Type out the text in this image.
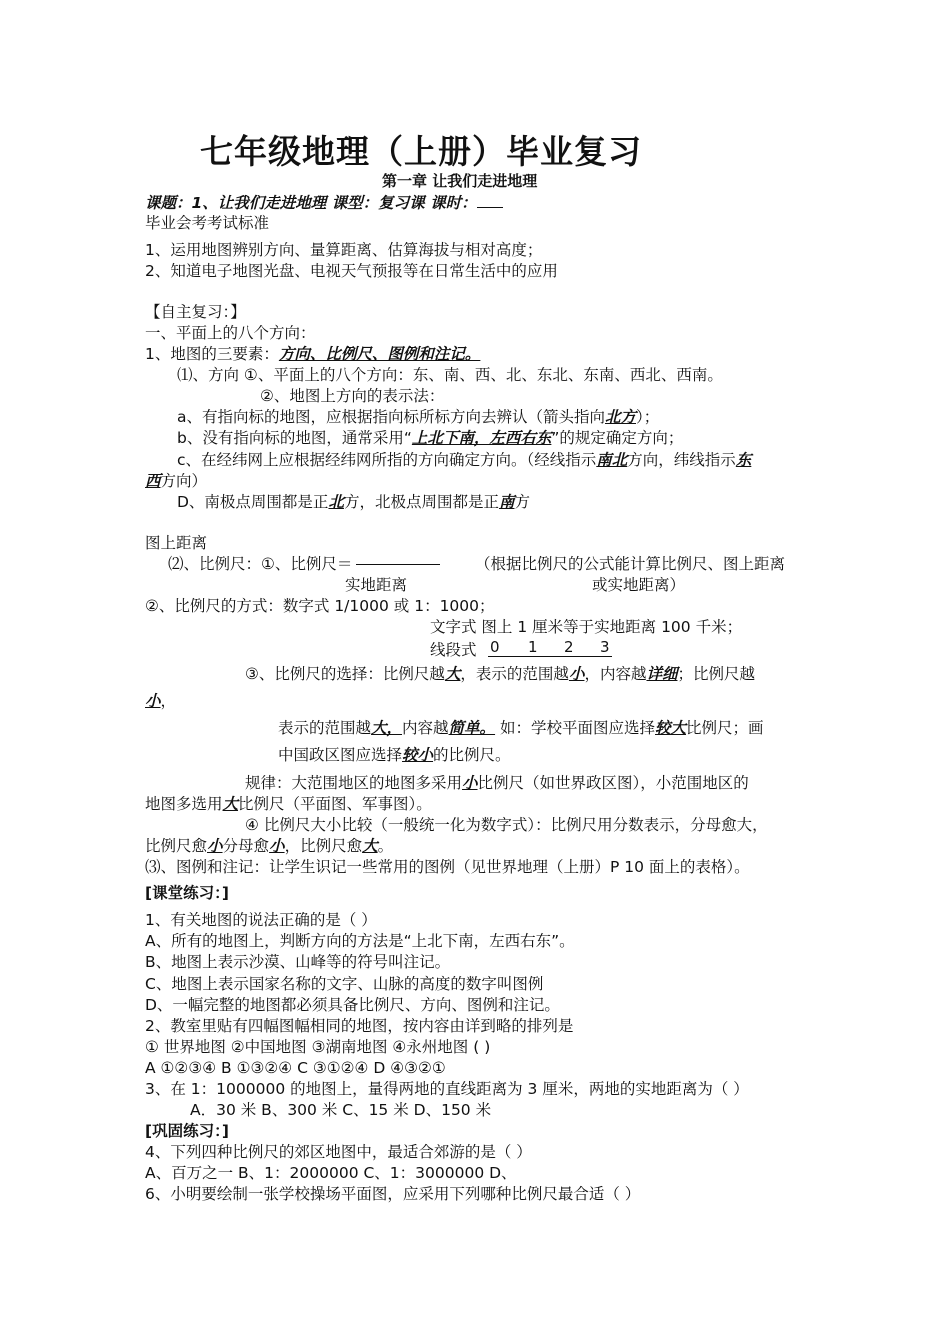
七年级地理（上册）毕业复习
第一章 让我们走进地理
课题：1、让我们走进地理 课型：复习课 课时：
毕业会考考试标准
1、运用地图辨别方向、量算距离、估算海拔与相对高度；
2、知道电子地图光盘、电视天气预报等在日常生活中的应用
【自主复习：】
一、平面上的八个方向：
1、地图的三要素：方向、比例尺、图例和注记。
⑴、方向 ①、平面上的八个方向：东、南、西、北、东北、东南、西北、西南。
②、地图上方向的表示法：
a、有指向标的地图，应根据指向标所标方向去辨认（箭头指向北方）；
b、没有指向标的地图，通常采用“上北下南，左西右东”的规定确定方向；
c、在经纬网上应根据经纬网所指的方向确定方向。（经线指示南北方向，纬线指示东
西方向）
D、南极点周围都是正北方，北极点周围都是正南方
图上距离
⑵、比例尺：①、比例尺＝	（根据比例尺的公式能计算比例尺、图上距离
实地距离	或实地距离）
②、比例尺的方式：数字式 1/1000 或 1：1000；
文字式 图上 1 厘米等于实地距离 100 千米；
线段式 0 1 2 3
③、比例尺的选择：比例尺越大，表示的范围越小，内容越详细；比例尺越
小，
表示的范围越大，内容越简单。 如：学校平面图应选择较大比例尺；画
中国政区图应选择较小的比例尺。
规律：大范围地区的地图多采用小比例尺（如世界政区图），小范围地区的
地图多选用大比例尺（平面图、军事图）。
④ 比例尺大小比较（一般统一化为数字式）：比例尺用分数表示，分母愈大，
比例尺愈小分母愈小，比例尺愈大。
⑶、图例和注记：让学生识记一些常用的图例（见世界地理（上册）P 10 面上的表格）。
[课堂练习：]
1、有关地图的说法正确的是（ ）
A、所有的地图上，判断方向的方法是“上北下南，左西右东”。
B、地图上表示沙漠、山峰等的符号叫注记。
C、地图上表示国家名称的文字、山脉的高度的数字叫图例
D、一幅完整的地图都必须具备比例尺、方向、图例和注记。
2、教室里贴有四幅图幅相同的地图，按内容由详到略的排列是
① 世界地图 ②中国地图 ③湖南地图 ④永州地图 ( )
A ①②③④ B ①③②④ C ③①②④ D ④③②①
3、在 1：1000000 的地图上，量得两地的直线距离为 3 厘米，两地的实地距离为（ ）
A．30 米 B、300 米 C、15 米 D、150 米
[巩固练习：]
4、下列四种比例尺的郊区地图中，最适合郊游的是（ ）
A、百万之一 B、1：2000000 C、1：3000000 D、
6、小明要绘制一张学校操场平面图，应采用下列哪种比例尺最合适（ ）
